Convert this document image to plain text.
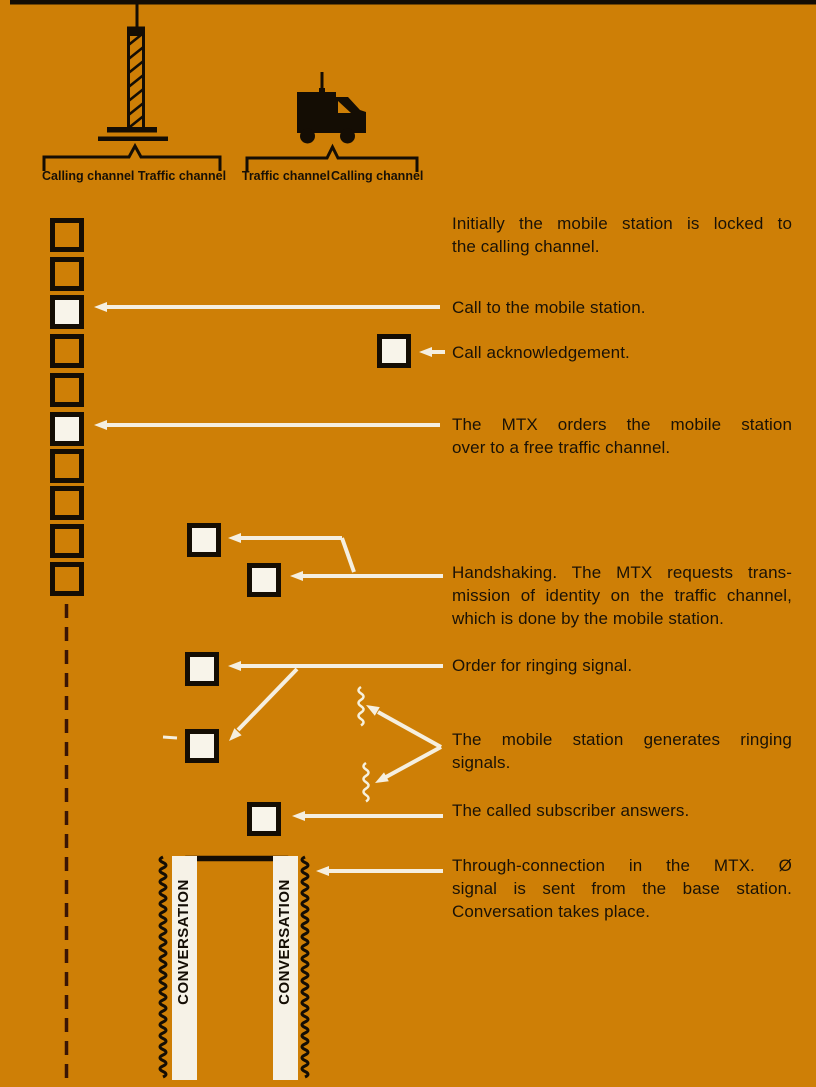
Calling channel Traffic channel Traffic channel Calling channel
CONVERSATION	CONVERSATION
Initially the mobile station is locked to
the calling channel.
Call to the mobile station.
Call acknowledgement.
The MTX orders the mobile station
over to a free traffic channel.
Handshaking. The MTX requests trans-
mission of identity on the traffic channel,
which is done by the mobile station.
Order for ringing signal.
The mobile station generates ringing
signals.
The called subscriber answers.
Through-connection in the MTX. Ø
signal is sent from the base station.
Conversation takes place.
